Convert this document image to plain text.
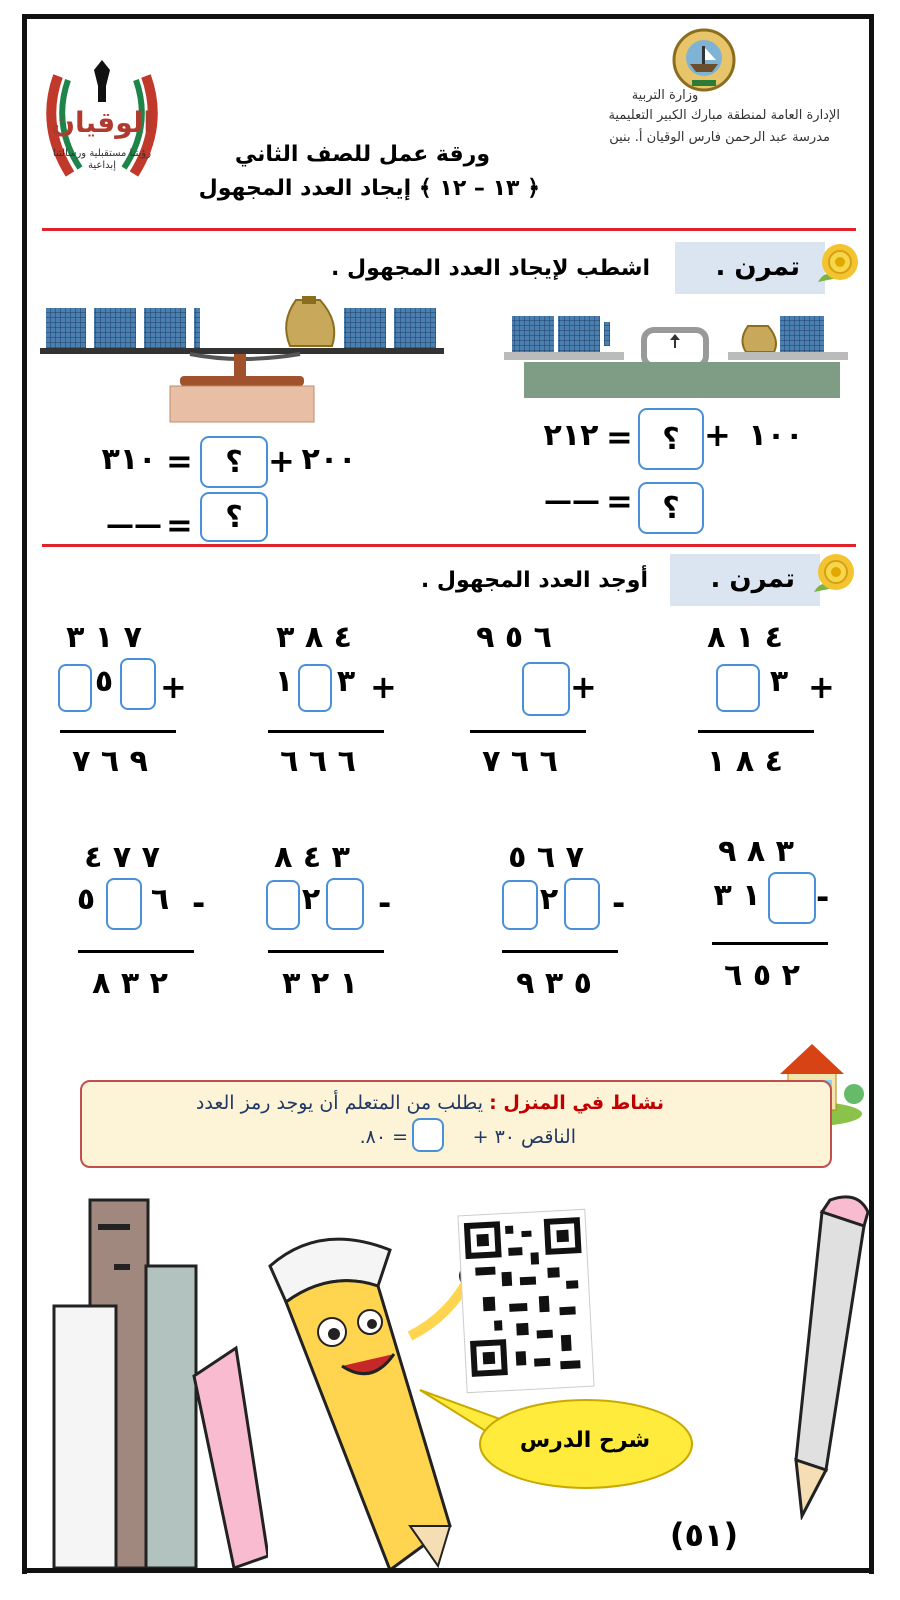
وزارة التربية
الإدارة العامة لمنطقة مبارك الكبير التعليمية
مدرسة عبد الرحمن فارس الوقيان أ. بنين
الوقيان
رؤيتنا مستقبلية ورسالتنا إبداعية	ورقة عمل للصف الثاني
﴿ ١٣ – ١٢ ﴾ إيجاد العدد المجهول
تمرن .
اشطب لإيجاد العدد المجهول .
١٠٠
+
؟
=
٢١٢
—— = ؟
٢٠٠
+
؟
=
٣١٠
—— =	؟
تمرن .
أوجد العدد المجهول .
٤ ١ ٨
٣ +
٤ ٨ ١
٦ ٥ ٩
+
٦ ٦ ٧
٤ ٨ ٣
١ ٣ +
٦ ٦ ٦
٧ ١ ٣
٥ +
٩ ٦ ٧
٣ ٨ ٩
١ ٣ -
٢ ٥ ٦
٧ ٦ ٥
٢ -
٥ ٣ ٩
٣ ٤ ٨
٢ -
١ ٢ ٣
٧ ٧ ٤
٥ ٦ -
٢ ٣ ٨
نشاط في المنزل : يطلب من المتعلم أن يوجد رمز العدد
الناقص ٣٠ +
= ٨٠.
شرح الدرس
(٥١)
